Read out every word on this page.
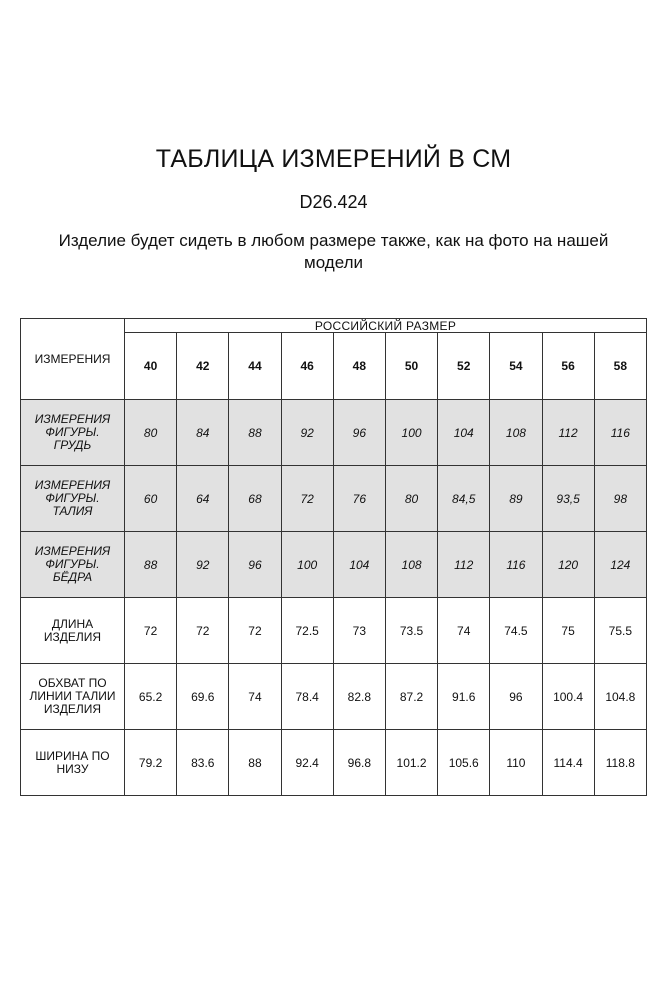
ТАБЛИЦА ИЗМЕРЕНИЙ В СМ
D26.424
Изделие будет сидеть в любом размере также, как на фото на нашей модели
ИЗМЕРЕНИЯ	РОССИЙСКИЙ РАЗМЕР									
	40	42	44	46	48	50	52	54	56	58
ИЗМЕРЕНИЯ ФИГУРЫ. ГРУДЬ	80	84	88	92	96	100	104	108	112	116
ИЗМЕРЕНИЯ ФИГУРЫ. ТАЛИЯ	60	64	68	72	76	80	84,5	89	93,5	98
ИЗМЕРЕНИЯ ФИГУРЫ. БЁДРА	88	92	96	100	104	108	112	116	120	124
ДЛИНА ИЗДЕЛИЯ	72	72	72	72.5	73	73.5	74	74.5	75	75.5
ОБХВАТ ПО ЛИНИИ ТАЛИИ ИЗДЕЛИЯ	65.2	69.6	74	78.4	82.8	87.2	91.6	96	100.4	104.8
ШИРИНА ПО НИЗУ	79.2	83.6	88	92.4	96.8	101.2	105.6	110	114.4	118.8
